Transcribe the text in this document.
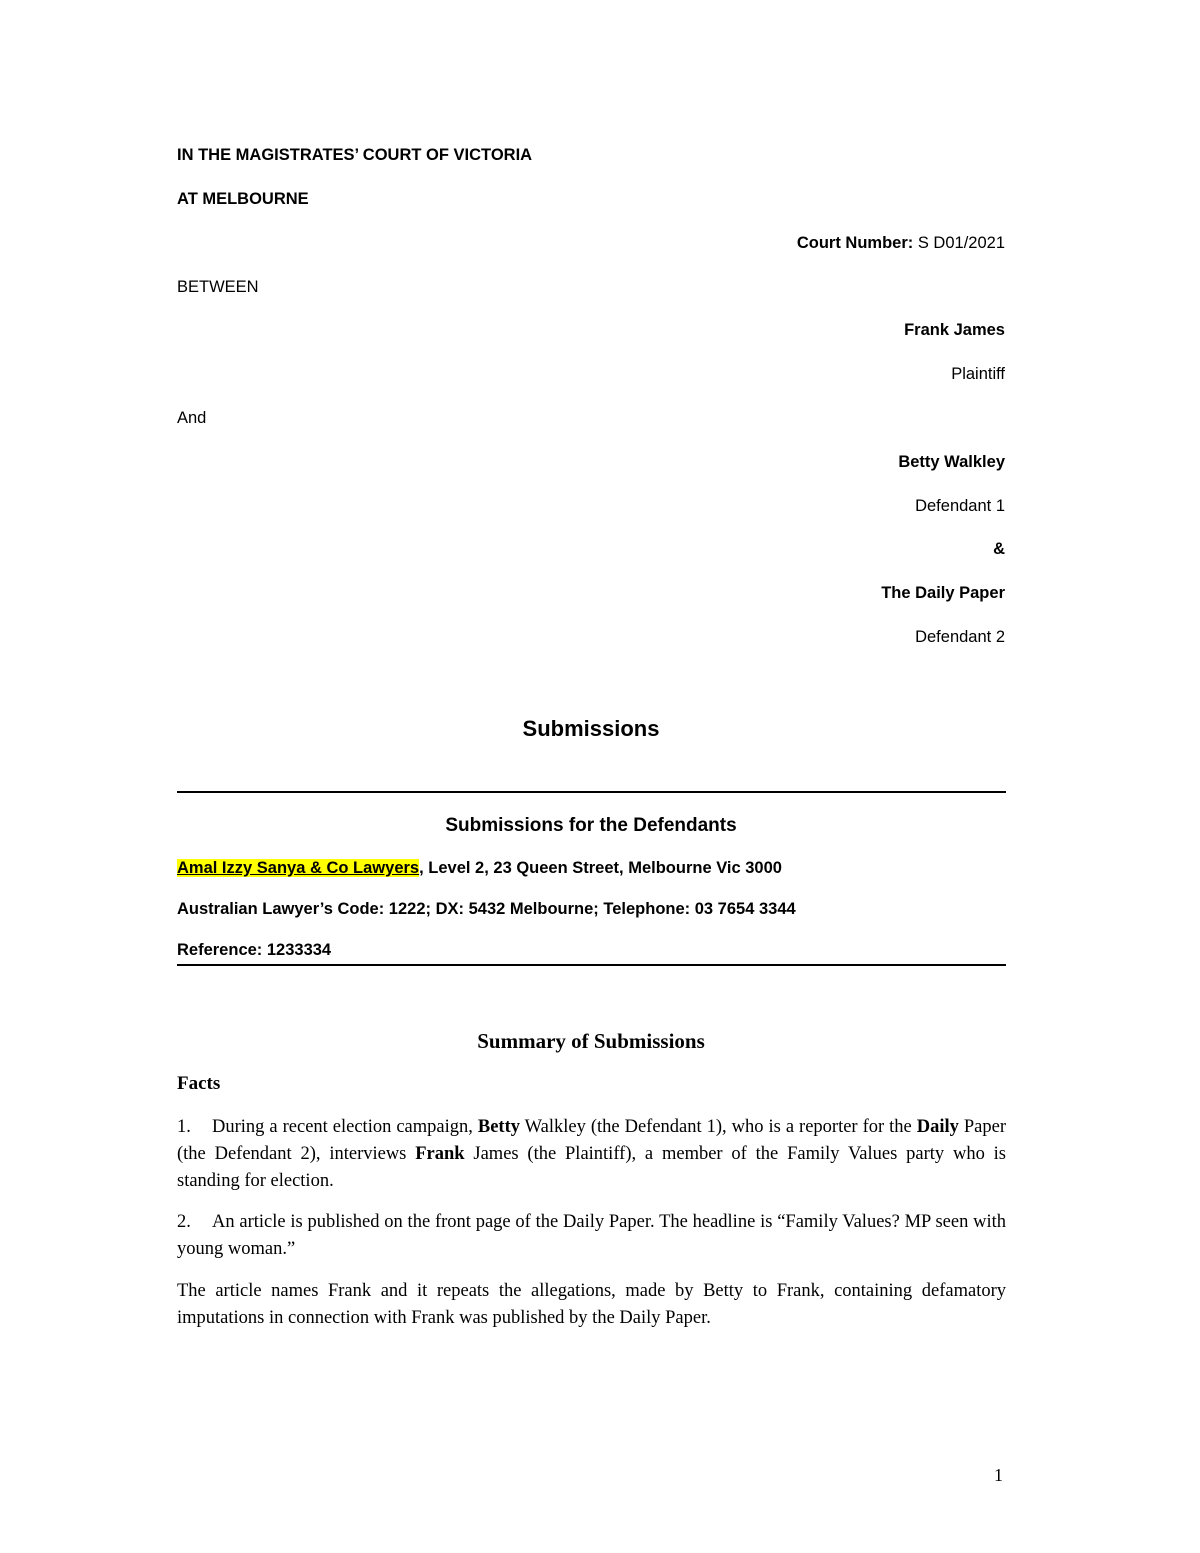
IN THE MAGISTRATES’ COURT OF VICTORIA
AT MELBOURNE
Court Number: S D01/2021
BETWEEN
Frank James
Plaintiff
And
Betty Walkley
Defendant 1
&
The Daily Paper
Defendant 2
Submissions
Submissions for the Defendants
Amal Izzy Sanya & Co Lawyers, Level 2, 23 Queen Street, Melbourne Vic 3000
Australian Lawyer’s Code: 1222; DX: 5432 Melbourne; Telephone: 03 7654 3344
Reference: 1233334
Summary of Submissions
Facts

1. During a recent election campaign, Betty Walkley (the Defendant 1), who is a reporter for the Daily Paper (the Defendant 2), interviews Frank James (the Plaintiff), a member of the Family Values party who is standing for election.

2. An article is published on the front page of the Daily Paper. The headline is “Family Values? MP seen with young woman.”

The article names Frank and it repeats the allegations, made by Betty to Frank, containing defamatory imputations in connection with Frank was published by the Daily Paper.

1
